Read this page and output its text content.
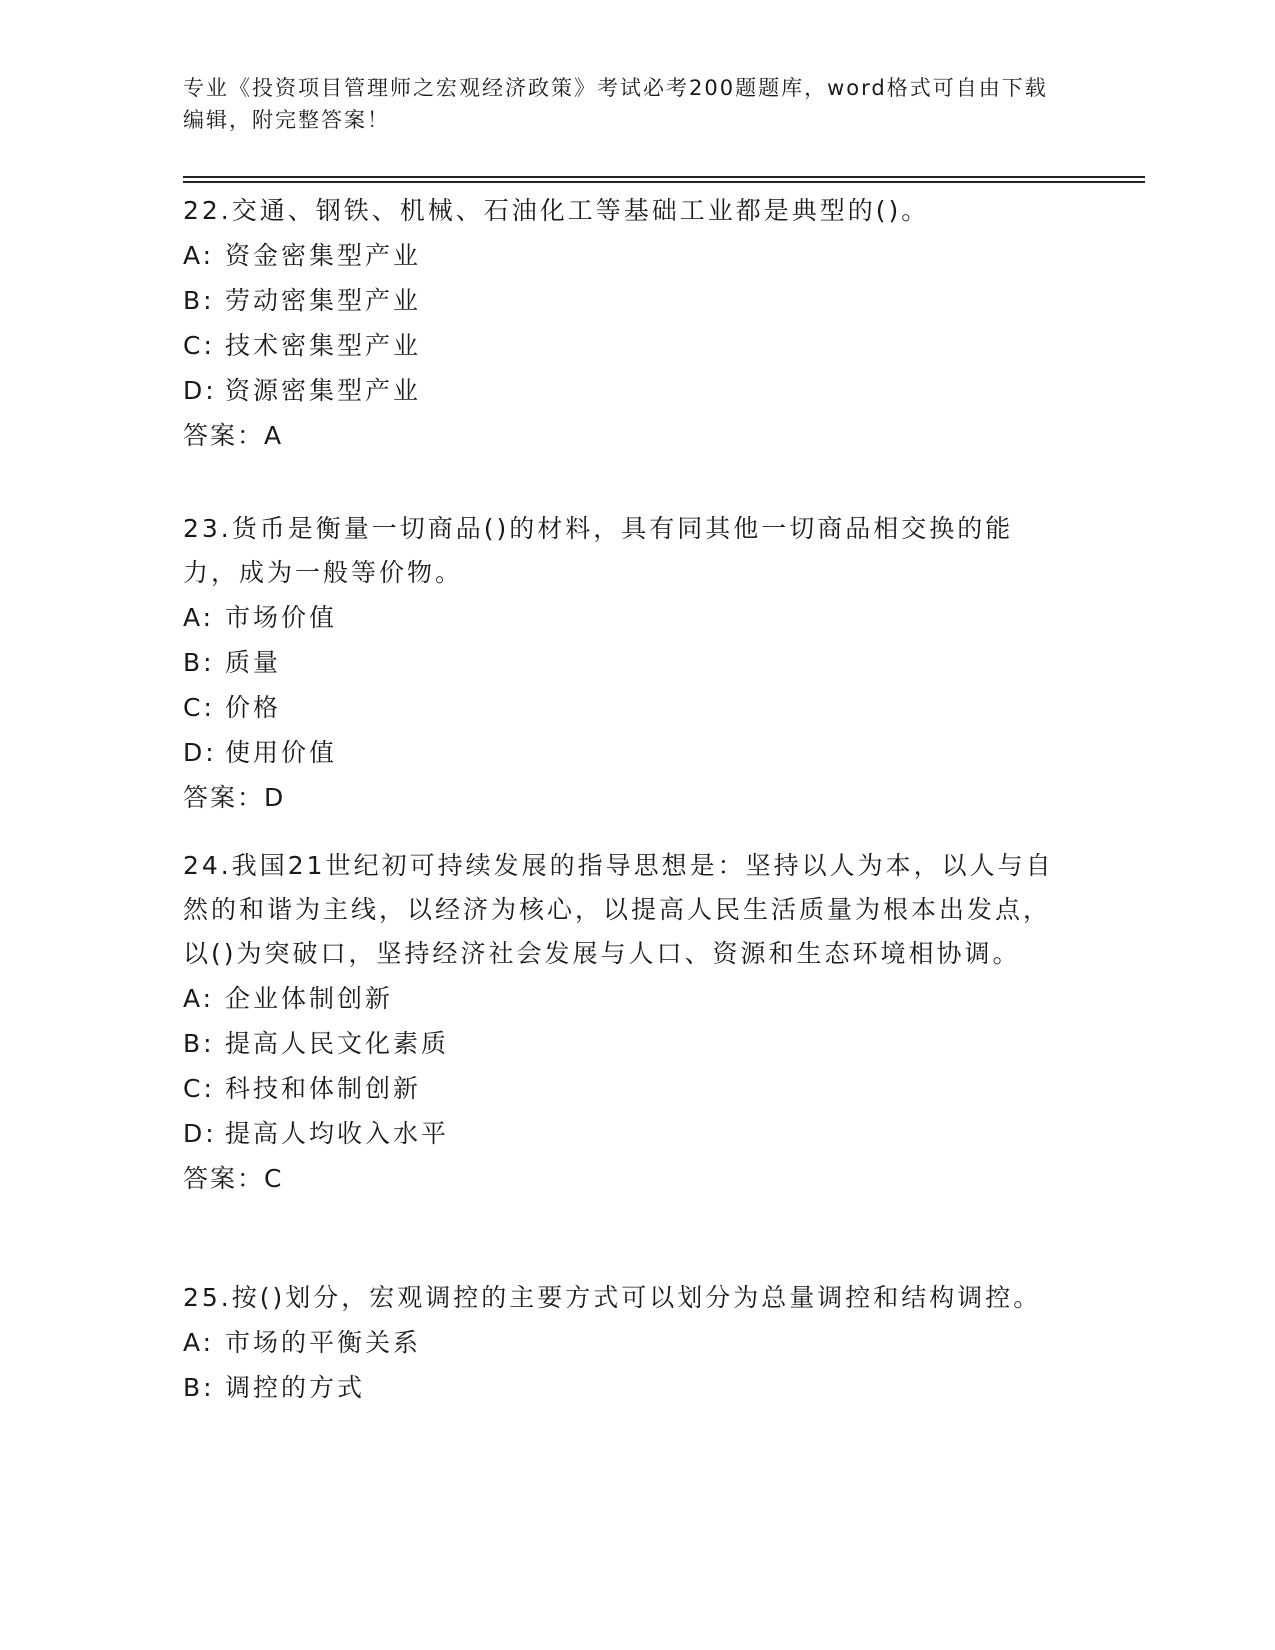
专业《投资项目管理师之宏观经济政策》考试必考200题题库，word格式可自由下载编辑，附完整答案！

22.交通、钢铁、机械、石油化工等基础工业都是典型的()。

A: 资金密集型产业
B: 劳动密集型产业
C: 技术密集型产业
D: 资源密集型产业
答案：A

23.货币是衡量一切商品()的材料，具有同其他一切商品相交换的能力，成为一般等价物。

A: 市场价值
B: 质量
C: 价格
D: 使用价值
答案：D

24.我国21世纪初可持续发展的指导思想是：坚持以人为本，以人与自然的和谐为主线，以经济为核心，以提高人民生活质量为根本出发点，以()为突破口，坚持经济社会发展与人口、资源和生态环境相协调。

A: 企业体制创新
B: 提高人民文化素质
C: 科技和体制创新
D: 提高人均收入水平
答案：C

25.按()划分，宏观调控的主要方式可以划分为总量调控和结构调控。

A: 市场的平衡关系
B: 调控的方式
